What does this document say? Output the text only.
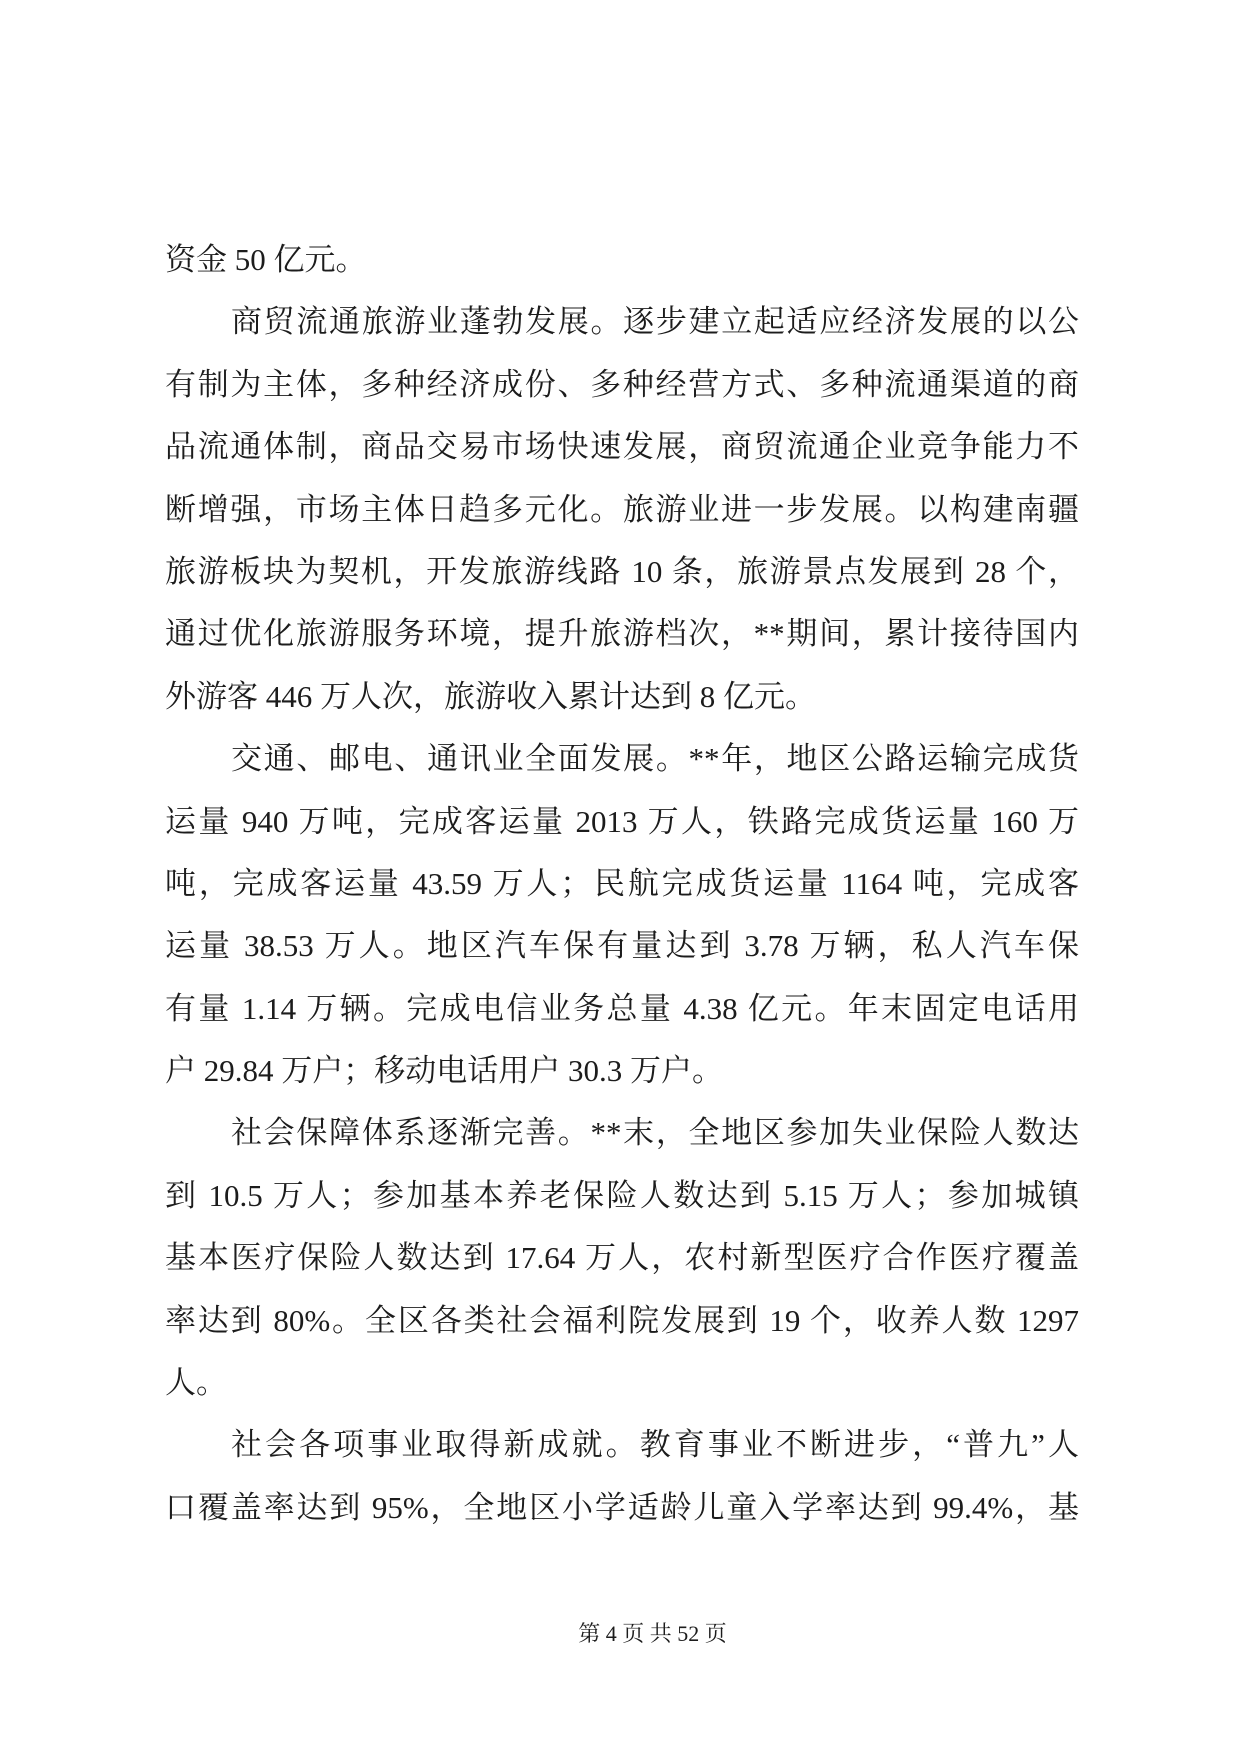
资金 50 亿元。
商贸流通旅游业蓬勃发展。逐步建立起适应经济发展的以公
有制为主体，多种经济成份、多种经营方式、多种流通渠道的商
品流通体制，商品交易市场快速发展，商贸流通企业竞争能力不
断增强，市场主体日趋多元化。旅游业进一步发展。以构建南疆
旅游板块为契机，开发旅游线路 10 条，旅游景点发展到 28 个，
通过优化旅游服务环境，提升旅游档次，**期间，累计接待国内
外游客 446 万人次，旅游收入累计达到 8 亿元。
交通、邮电、通讯业全面发展。**年，地区公路运输完成货
运量 940 万吨，完成客运量 2013 万人，铁路完成货运量 160 万
吨，完成客运量 43.59 万人；民航完成货运量 1164 吨，完成客
运量 38.53 万人。地区汽车保有量达到 3.78 万辆，私人汽车保
有量 1.14 万辆。完成电信业务总量 4.38 亿元。年末固定电话用
户 29.84 万户；移动电话用户 30.3 万户。
社会保障体系逐渐完善。**末，全地区参加失业保险人数达
到 10.5 万人；参加基本养老保险人数达到 5.15 万人；参加城镇
基本医疗保险人数达到 17.64 万人，农村新型医疗合作医疗覆盖
率达到 80%。全区各类社会福利院发展到 19 个，收养人数 1297
人。
社会各项事业取得新成就。教育事业不断进步，“普九”人
口覆盖率达到 95%，全地区小学适龄儿童入学率达到 99.4%，基
第 4 页 共 52 页
